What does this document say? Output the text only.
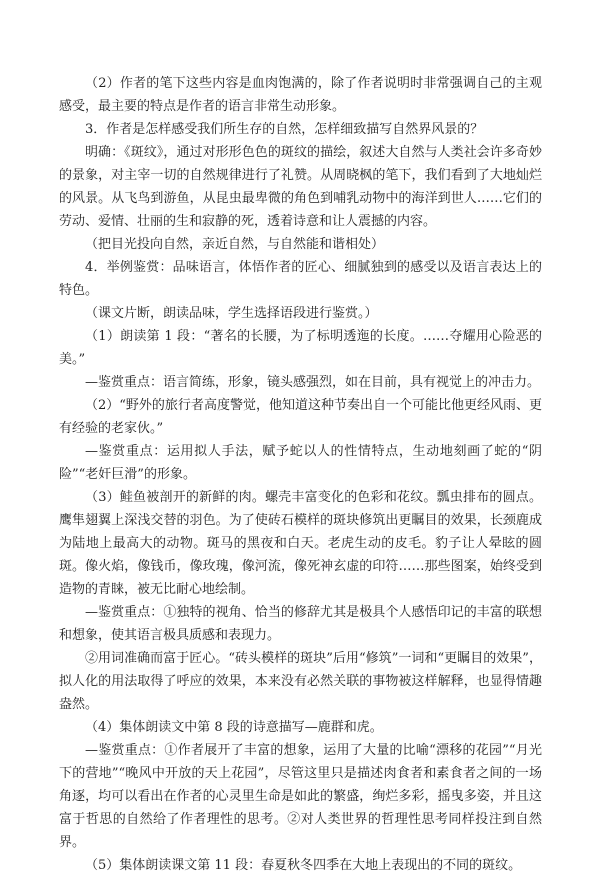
（2）作者的笔下这些内容是血肉饱满的，除了作者说明时非常强调自己的主观感受，最主要的特点是作者的语言非常生动形象。

3．作者是怎样感受我们所生存的自然，怎样细致描写自然界风景的？

明确：《斑纹》，通过对形形色色的斑纹的描绘，叙述大自然与人类社会许多奇妙的景象，对主宰一切的自然规律进行了礼赞。从周晓枫的笔下，我们看到了大地灿烂的风景。从飞鸟到游鱼，从昆虫最卑微的角色到哺乳动物中的海洋到世人……它们的劳动、爱情、壮丽的生和寂静的死，透着诗意和让人震撼的内容。

（把目光投向自然，亲近自然，与自然能和谐相处）

4．举例鉴赏：品味语言，体悟作者的匠心、细腻独到的感受以及语言表达上的特色。

（课文片断，朗读品味，学生选择语段进行鉴赏。）

（1）朗读第 1 段：“著名的长腰，为了标明透迤的长度。……夺耀用心险恶的美。”

—鉴赏重点：语言简练，形象，镜头感强烈，如在目前，具有视觉上的冲击力。

（2）“野外的旅行者高度警觉，他知道这种节奏出自一个可能比他更经风雨、更有经验的老家伙。”

—鉴赏重点：运用拟人手法，赋予蛇以人的性情特点，生动地刻画了蛇的“阴险”“老奸巨滑”的形象。

（3）鲑鱼被剖开的新鲜的肉。螺壳丰富变化的色彩和花纹。瓢虫排布的圆点。鹰隼翅翼上深浅交替的羽色。为了使砖石模样的斑块修筑出更瞩目的效果，长颈鹿成为陆地上最高大的动物。斑马的黑夜和白天。老虎生动的皮毛。豹子让人晕眩的圆斑。像火焰，像钱币，像玫瑰，像河流，像死神玄虚的印符……那些图案，始终受到造物的青睐，被无比耐心地绘制。

—鉴赏重点：①独特的视角、恰当的修辞尤其是极具个人感悟印记的丰富的联想和想象，使其语言极具质感和表现力。

②用词准确而富于匠心。“砖头模样的斑块”后用“修筑”一词和“更瞩目的效果”，拟人化的用法取得了呼应的效果，本来没有必然关联的事物被这样解释，也显得情趣盎然。

（4）集体朗读文中第 8 段的诗意描写—鹿群和虎。

—鉴赏重点：①作者展开了丰富的想象，运用了大量的比喻“漂移的花园”“月光下的营地”“晚风中开放的天上花园”，尽管这里只是描述肉食者和素食者之间的一场角逐，均可以看出在作者的心灵里生命是如此的繁盛，绚烂多彩，摇曳多姿，并且这富于哲思的自然给了作者理性的思考。②对人类世界的哲理性思考同样投注到自然界。

（5）集体朗读课文第 11 段：春夏秋冬四季在大地上表现出的不同的斑纹。
